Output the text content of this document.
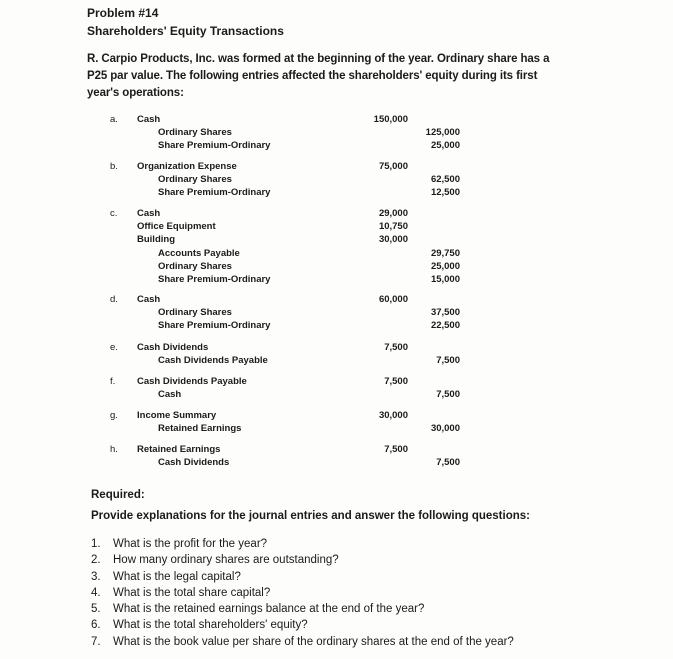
Problem #14
Shareholders' Equity Transactions
R. Carpio Products, Inc. was formed at the beginning of the year. Ordinary share has a P25 par value. The following entries affected the shareholders' equity during its first year's operations:
a. Cash	150,000
Ordinary Shares	125,000
Share Premium-Ordinary	25,000
b. Organization Expense	75,000
Ordinary Shares	62,500
Share Premium-Ordinary	12,500
c. Cash	29,000
Office Equipment	10,750
Building	30,000
Accounts Payable	29,750
Ordinary Shares	25,000
Share Premium-Ordinary	15,000
d. Cash	60,000
Ordinary Shares	37,500
Share Premium-Ordinary	22,500
e. Cash Dividends	7,500
Cash Dividends Payable	7,500
f. Cash Dividends Payable	7,500
Cash	7,500
g. Income Summary	30,000
Retained Earnings	30,000
h. Retained Earnings	7,500
Cash Dividends	7,500
Required:
Provide explanations for the journal entries and answer the following questions:
1. What is the profit for the year?
2. How many ordinary shares are outstanding?
3. What is the legal capital?
4. What is the total share capital?
5. What is the retained earnings balance at the end of the year?
6. What is the total shareholders' equity?
7. What is the book value per share of the ordinary shares at the end of the year?
